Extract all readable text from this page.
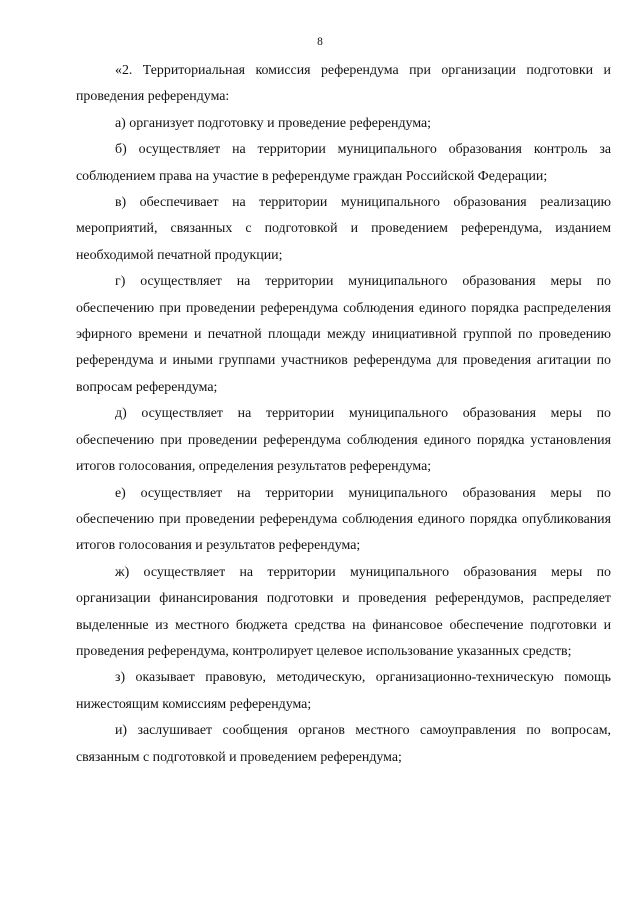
8

«2. Территориальная комиссия референдума при организации подготовки и проведения референдума:

а) организует подготовку и проведение референдума;

б) осуществляет на территории муниципального образования контроль за соблюдением права на участие в референдуме граждан Российской Федерации;

в) обеспечивает на территории муниципального образования реализацию мероприятий, связанных с подготовкой и проведением референдума, изданием необходимой печатной продукции;

г) осуществляет на территории муниципального образования меры по обеспечению при проведении референдума соблюдения единого порядка распределения эфирного времени и печатной площади между инициативной группой по проведению референдума и иными группами участников референдума для проведения агитации по вопросам референдума;

д) осуществляет на территории муниципального образования меры по обеспечению при проведении референдума соблюдения единого порядка установления итогов голосования, определения результатов референдума;

е) осуществляет на территории муниципального образования меры по обеспечению при проведении референдума соблюдения единого порядка опубликования итогов голосования и результатов референдума;

ж) осуществляет на территории муниципального образования меры по организации финансирования подготовки и проведения референдумов, распределяет выделенные из местного бюджета средства на финансовое обеспечение подготовки и проведения референдума, контролирует целевое использование указанных средств;

з) оказывает правовую, методическую, организационно-техническую помощь нижестоящим комиссиям референдума;

и) заслушивает сообщения органов местного самоуправления по вопросам, связанным с подготовкой и проведением референдума;
